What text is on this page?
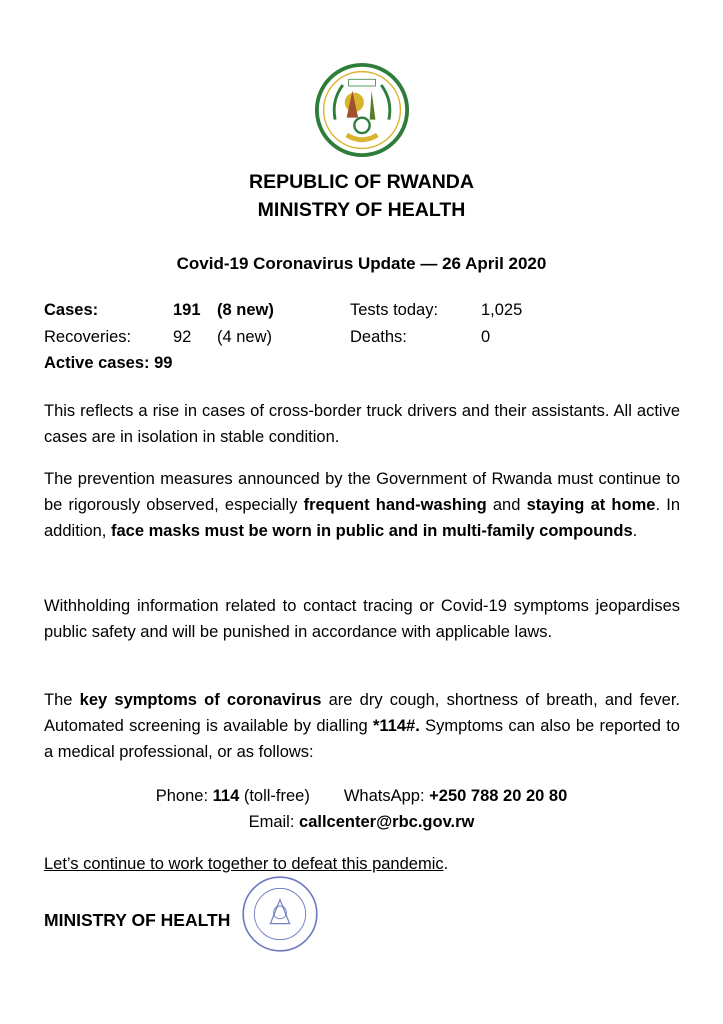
REPUBLIC OF RWANDA
MINISTRY OF HEALTH
Covid-19 Coronavirus Update — 26 April 2020
Cases:	191 (8 new)	Tests today:	1,025
Recoveries:	92 (4 new)	Deaths:	0
Active cases: 99

This reflects a rise in cases of cross-border truck drivers and their assistants. All active cases are in isolation in stable condition.

The prevention measures announced by the Government of Rwanda must continue to be rigorously observed, especially frequent hand-washing and staying at home. In addition, face masks must be worn in public and in multi-family compounds.

Withholding information related to contact tracing or Covid-19 symptoms jeopardises public safety and will be punished in accordance with applicable laws.

The key symptoms of coronavirus are dry cough, shortness of breath, and fever. Automated screening is available by dialling *114#. Symptoms can also be reported to a medical professional, or as follows:

Phone: 114 (toll-free) WhatsApp: +250 788 20 20 80
Email: callcenter@rbc.gov.rw
Let’s continue to work together to defeat this pandemic.
MINISTRY OF HEALTH
